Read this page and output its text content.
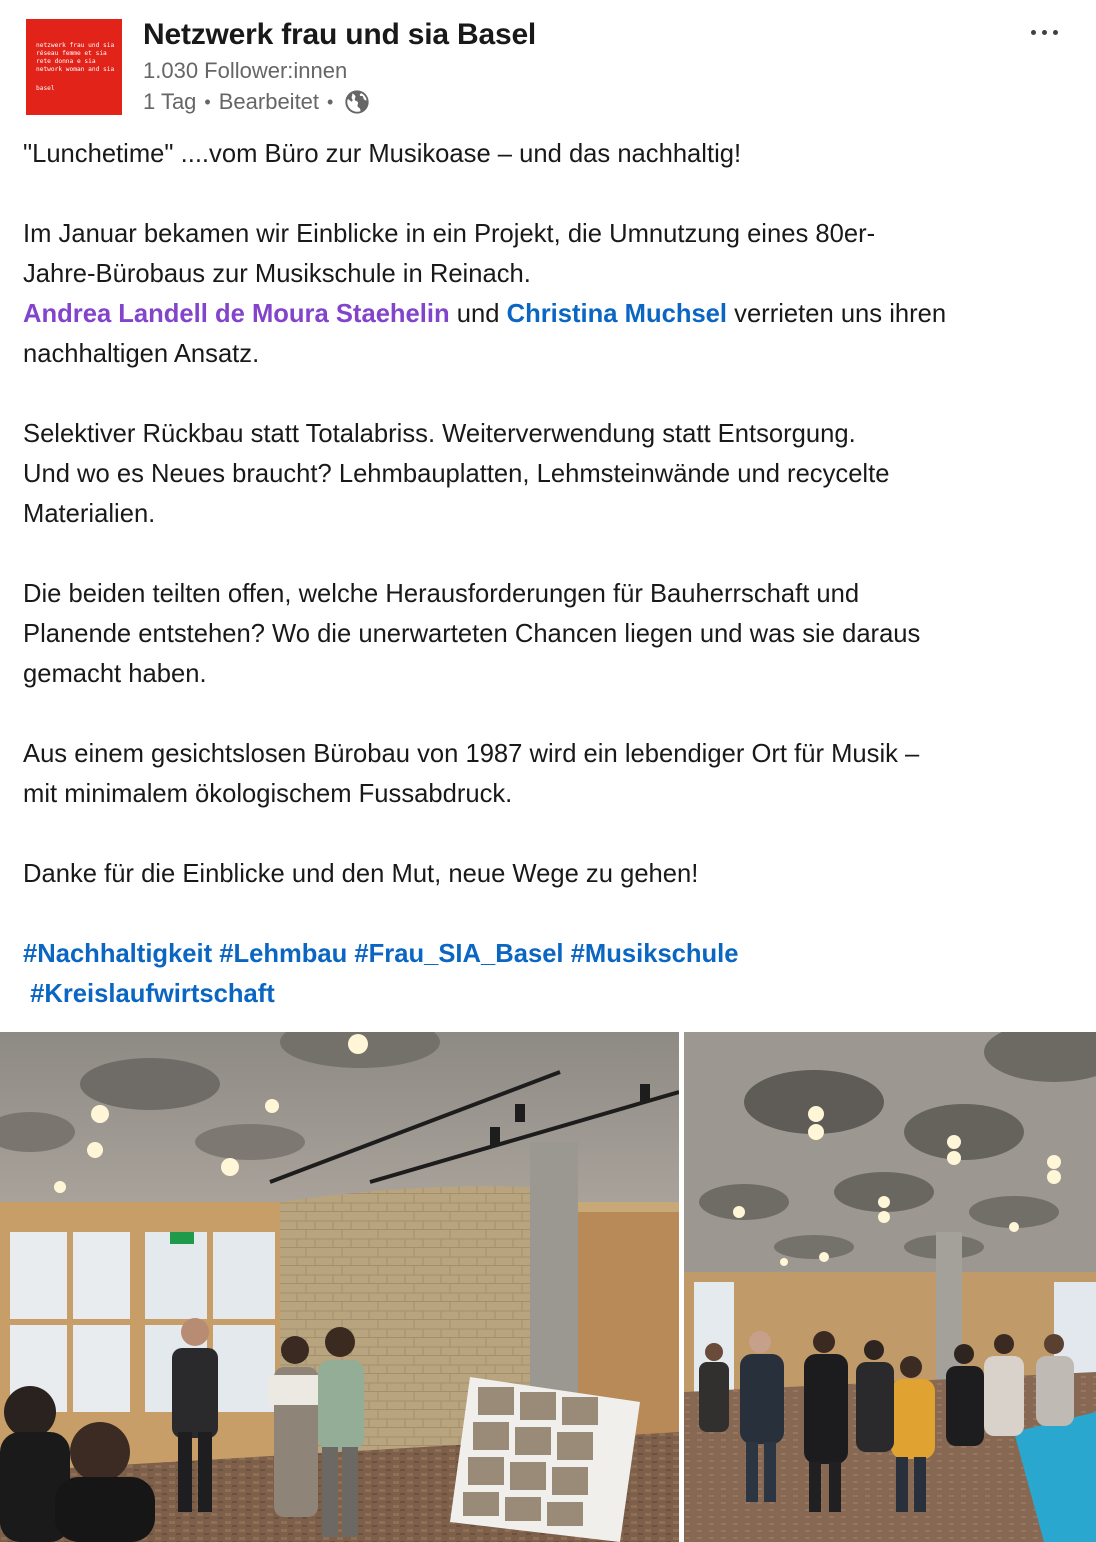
netzwerk frau und sia
réseau femme et sia
rete donna e sia
network woman and sia
basel
Netzwerk frau und sia Basel
1.030 Follower:innen
1 Tag • Bearbeitet •

"Lunchetime" ....vom Büro zur Musikoase – und das nachhaltig!

Im Januar bekamen wir Einblicke in ein Projekt, die Umnutzung eines 80er-

Jahre-Bürobaus zur Musikschule in Reinach.

Andrea Landell de Moura Staehelin und Christina Muchsel verrieten uns ihren

nachhaltigen Ansatz.

Selektiver Rückbau statt Totalabriss. Weiterverwendung statt Entsorgung.

Und wo es Neues braucht? Lehmbauplatten, Lehmsteinwände und recycelte

Materialien.

Die beiden teilten offen, welche Herausforderungen für Bauherrschaft und

Planende entstehen? Wo die unerwarteten Chancen liegen und was sie daraus

gemacht haben.

Aus einem gesichtslosen Bürobau von 1987 wird ein lebendiger Ort für Musik –

mit minimalem ökologischem Fussabdruck.

Danke für die Einblicke und den Mut, neue Wege zu gehen!

#Nachhaltigkeit #Lehmbau #Frau_SIA_Basel #Musikschule

#Kreislaufwirtschaft
